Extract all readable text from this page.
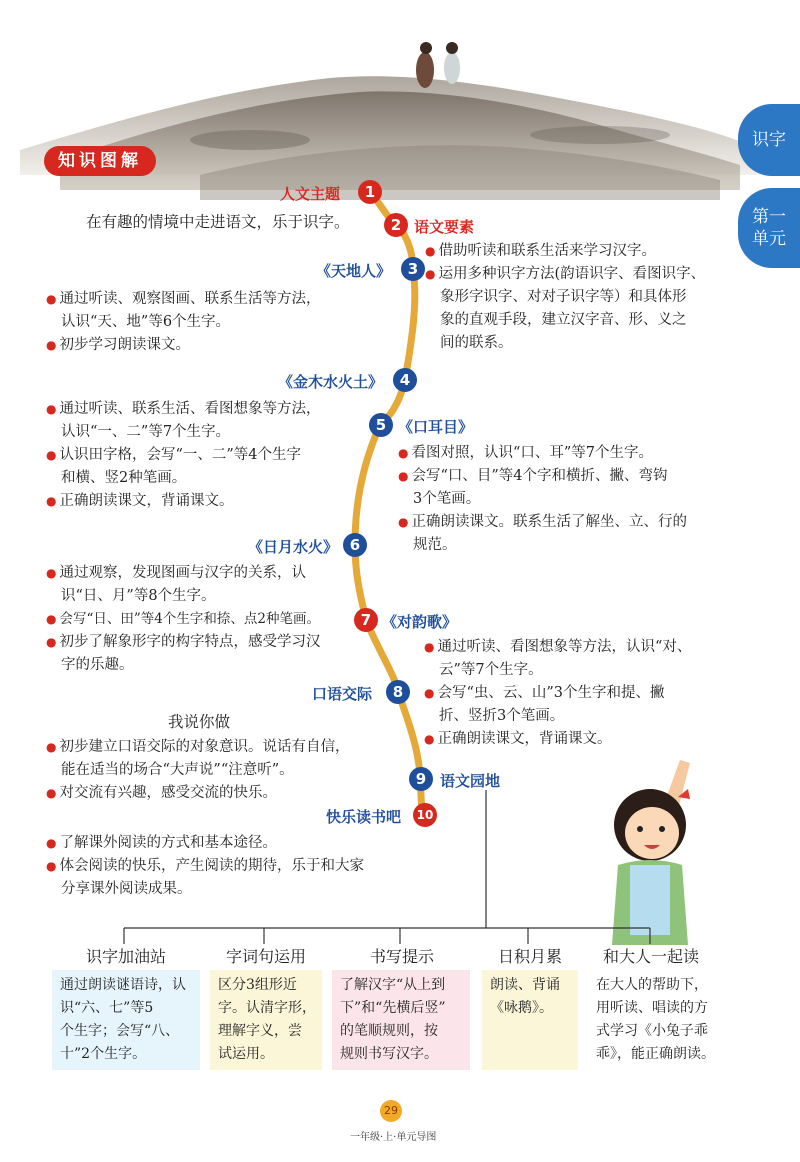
知识图解
识字
第一
单元
1
2
3
4
5
6
7
8
9
10
人文主题
语文要素
《天地人》
《金木水火土》
《口耳目》
《日月水火》
《对韵歌》
口语交际
语文园地
快乐读书吧
在有趣的情境中走进语文，乐于识字。
● 借助听读和联系生活来学习汉字。
● 运用多种识字方法(韵语识字、看图识字、
象形字识字、对对子识字等）和具体形
象的直观手段，建立汉字音、形、义之
间的联系。
● 通过听读、观察图画、联系生活等方法，
认识“天、地”等6个生字。
● 初步学习朗读课文。
● 通过听读、联系生活、看图想象等方法，
认识“一、二”等7个生字。
● 认识田字格，会写“一、二”等4个生字
和横、竖2种笔画。
● 正确朗读课文，背诵课文。
● 看图对照，认识“口、耳”等7个生字。
● 会写“口、目”等4个字和横折、撇、弯钩
3个笔画。
● 正确朗读课文。联系生活了解坐、立、行的
规范。
● 通过观察，发现图画与汉字的关系，认
识“日、月”等8个生字。
● 会写“日、田”等4个生字和捺、点2种笔画。
● 初步了解象形字的构字特点，感受学习汉
字的乐趣。
● 通过听读、看图想象等方法，认识“对、
云”等7个生字。
● 会写“虫、云、山”3个生字和提、撇
折、竖折3个笔画。
● 正确朗读课文，背诵课文。
我说你做
● 初步建立口语交际的对象意识。说话有自信，
能在适当的场合“大声说”“注意听”。
● 对交流有兴趣，感受交流的快乐。
● 了解课外阅读的方式和基本途径。
● 体会阅读的快乐，产生阅读的期待，乐于和大家
分享课外阅读成果。
识字加油站	字词句运用	书写提示	日积月累	和大人一起读
通过朗读谜语诗，认
识“六、七”等5
个生字；会写“八、
十”2个生字。
区分3组形近
字。认清字形，
理解字义，尝
试运用。
了解汉字“从上到
下”和“先横后竖”
的笔顺规则，按
规则书写汉字。
朗读、背诵
《咏鹅》。
在大人的帮助下，
用听读、唱读的方
式学习《小兔子乖
乖》，能正确朗读。
29
一年级·上·单元导图
